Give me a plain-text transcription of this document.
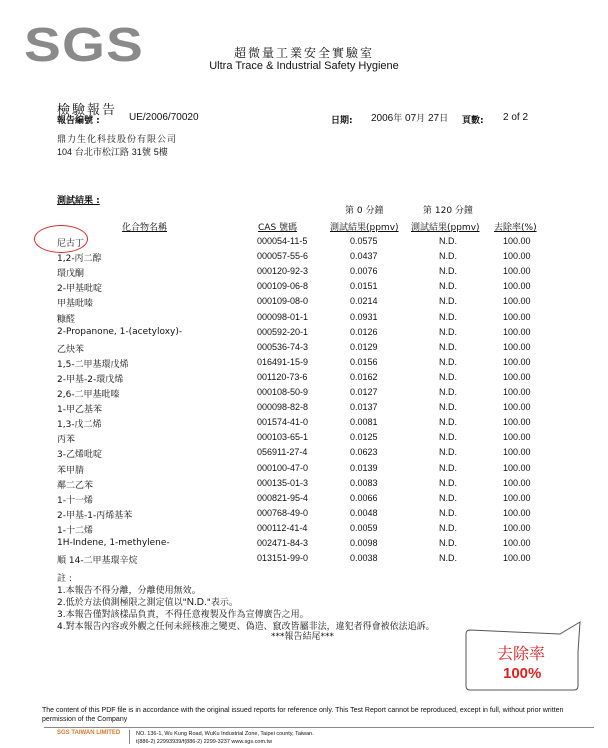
SGS	超微量工業安全實驗室
Ultra Trace & Industrial Safety Hygiene
檢驗報告
報告編號 :	UE/2006/70020	日期: 2006年 07月 27日 頁數: 2 of 2
鼎力生化科技股份有限公司
104 台北市松江路 31號 5樓
測試結果 :
第 0 分鐘	第 120 分鐘
化合物名稱	CAS 號碼	測試結果(ppmv) 測試結果(ppmv) 去除率(%)
尼古丁	000054-11-5	0.0575	N.D.	100.00
1,2-丙二醇	000057-55-6	0.0437	N.D.	100.00
環戊酮	000120-92-3	0.0076	N.D.	100.00
2-甲基吡啶	000109-06-8	0.0151	N.D.	100.00
甲基吡嗪	000109-08-0	0.0214	N.D.	100.00
糠醛	000098-01-1	0.0931	N.D.	100.00
2-Propanone, 1-(acetyloxy)-	000592-20-1	0.0126	N.D.	100.00
乙炔苯	000536-74-3	0.0129	N.D.	100.00
1,5-二甲基環戊烯	016491-15-9	0.0156	N.D.	100.00
2-甲基-2-環戊烯	001120-73-6	0.0162	N.D.	100.00
2,6-二甲基吡嗪	000108-50-9	0.0127	N.D.	100.00
1-甲乙基苯	000098-82-8	0.0137	N.D.	100.00
1,3-戊二烯	001574-41-0	0.0081	N.D.	100.00
丙苯	000103-65-1	0.0125	N.D.	100.00
3-乙烯吡啶	056911-27-4	0.0623	N.D.	100.00
苯甲腈	000100-47-0	0.0139	N.D.	100.00
鄰二乙苯	000135-01-3	0.0083	N.D.	100.00
1-十一烯	000821-95-4	0.0066	N.D.	100.00
2-甲基-1-丙烯基苯	000768-49-0	0.0048	N.D.	100.00
1-十二烯	000112-41-4	0.0059	N.D.	100.00
1H-Indene, 1-methylene-	002471-84-3	0.0098	N.D.	100.00
順 14-二甲基環辛烷	013151-99-0	0.0038	N.D.	100.00
註 :
1.本報告不得分離，分離使用無效。
2.低於方法偵測極限之測定值以"N.D."表示。
3.本報告僅對該樣品負責，不得任意複製及作為宣傳廣告之用。
4.對本報告內容或外觀之任何未經核准之變更、偽造、竄改皆屬非法，違犯者得會被依法追訴。
***報告結尾***
去除率
100%
The content of this PDF file is in accordance with the original issued reports for reference only. This Test Report cannot be reproduced, except in full, without prior written permission of the Company
SGS TAIWAN LIMITED	NO. 136-1, Wu Kung Road, WuKu Industrial Zone, Taipei county, Taiwan.
t(886-2) 22993939/f(886-2) 2299-3237 www.sgs.com.tw
